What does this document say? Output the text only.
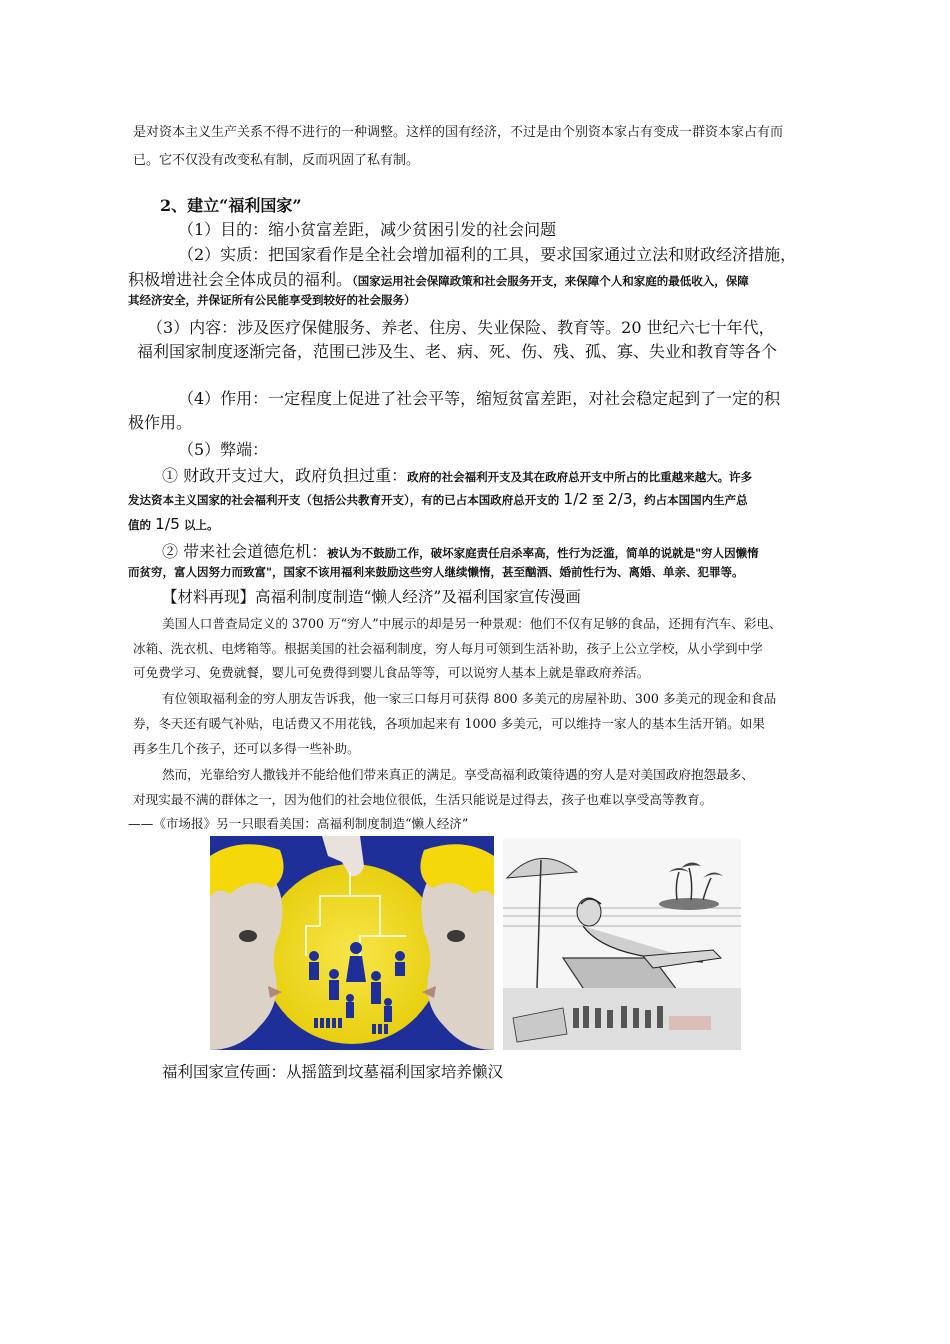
是对资本主义生产关系不得不进行的一种调整。这样的国有经济，不过是由个别资本家占有变成一群资本家占有而
已。它不仅没有改变私有制，反而巩固了私有制。
2、建立“福利国家”
（1）目的：缩小贫富差距，减少贫困引发的社会问题
（2）实质：把国家看作是全社会增加福利的工具，要求国家通过立法和财政经济措施，
积极增进社会全体成员的福利。（国家运用社会保障政策和社会服务开支，来保障个人和家庭的最低收入，保障
其经济安全，并保证所有公民能享受到较好的社会服务）
（3）内容：涉及医疗保健服务、养老、住房、失业保险、教育等。20 世纪六七十年代，
福利国家制度逐渐完备，范围已涉及生、老、病、死、伤、残、孤、寡、失业和教育等各个
（4）作用：一定程度上促进了社会平等，缩短贫富差距，对社会稳定起到了一定的积
极作用。
（5）弊端：
① 财政开支过大，政府负担过重：政府的社会福利开支及其在政府总开支中所占的比重越来越大。许多
发达资本主义国家的社会福利开支（包括公共教育开支），有的已占本国政府总开支的 1/2 至 2/3，约占本国国内生产总
值的 1/5 以上。
② 带来社会道德危机：被认为不鼓励工作，破坏家庭责任启杀率高，性行为泛滥，简单的说就是"穷人因懒惰
而贫穷，富人因努力而致富"，国家不该用福利来鼓励这些穷人继续懒惰，甚至酗酒、婚前性行为、离婚、单亲、犯罪等。
【材料再现】高福利制度制造“懒人经济”及福利国家宣传漫画
美国人口普查局定义的 3700 万“穷人”中展示的却是另一种景观：他们不仅有足够的食品，还拥有汽车、彩电、
冰箱、洗衣机、电烤箱等。根据美国的社会福利制度，穷人每月可领到生活补助，孩子上公立学校，从小学到中学
可免费学习、免费就餐，婴儿可免费得到婴儿食品等等，可以说穷人基本上就是靠政府养活。
有位领取福利金的穷人朋友告诉我，他一家三口每月可获得 800 多美元的房屋补助、300 多美元的现金和食品
券，冬天还有暖气补贴，电话费又不用花钱，各项加起来有 1000 多美元，可以维持一家人的基本生活开销。如果
再多生几个孩子，还可以多得一些补助。
然而，光靠给穷人撒钱并不能给他们带来真正的满足。享受高福利政策待遇的穷人是对美国政府抱怨最多、
对现实最不满的群体之一，因为他们的社会地位很低，生活只能说是过得去，孩子也难以享受高等教育。
——《市场报》另一只眼看美国：高福利制度制造“懒人经济”
福利国家宣传画：从摇篮到坟墓福利国家培养懒汉
